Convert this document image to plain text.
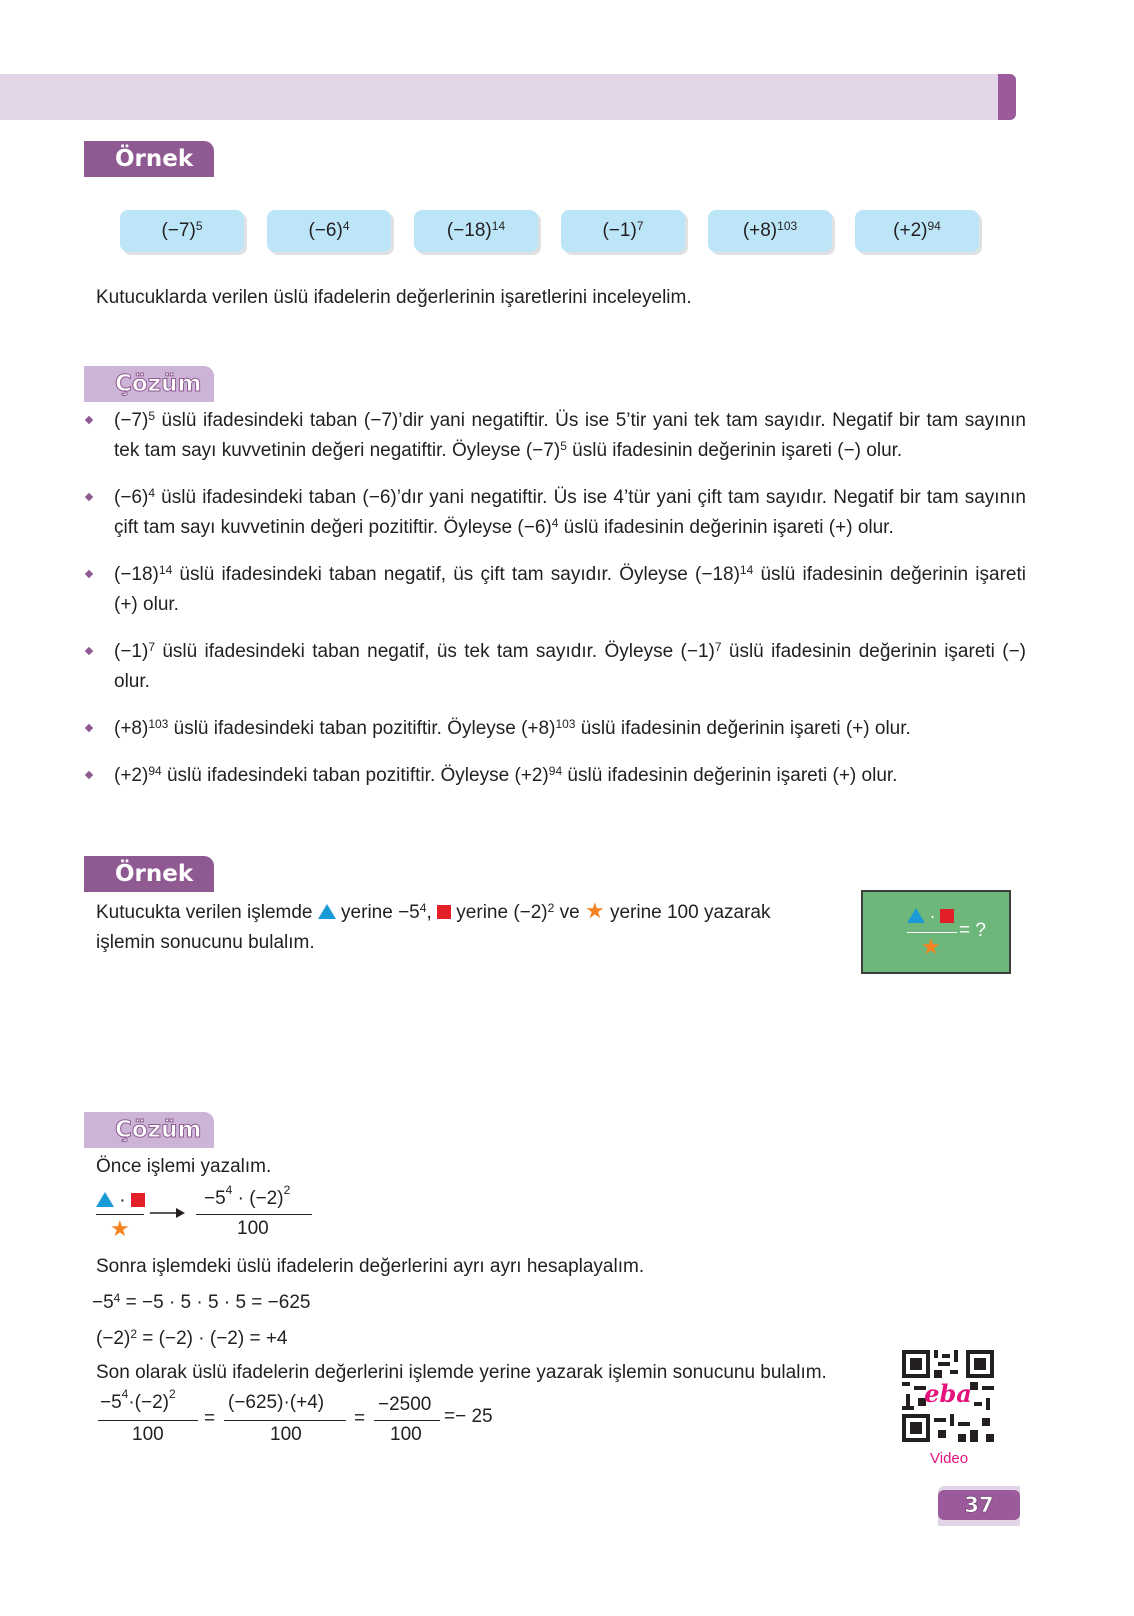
Örnek
$(-7)^5$	$(-6)^4$	$(-18)^{14}$	$(-1)^7$	$(+8)^{103}$	$(+2)^{94}$
Kutucuklarda verilen üslü ifadelerin değerlerinin işaretlerini inceleyelim.
Çözüm
$(-7)^5$ üslü ifadesindeki taban (−7)’dir yani negatiftir. Üs ise 5’tir yani tek tam sayıdır. Negatif bir tam sayının tek tam sayı kuvvetinin değeri negatiftir. Öyleyse $(-7)^5$ üslü ifadesinin değerinin işareti (−) olur.
$(-6)^4$ üslü ifadesindeki taban (−6)’dır yani negatiftir. Üs ise 4’tür yani çift tam sayıdır. Negatif bir tam sayının çift tam sayı kuvvetinin değeri pozitiftir. Öyleyse $(-6)^4$ üslü ifadesinin değerinin işareti (+) olur.
$(-18)^{14}$ üslü ifadesindeki taban negatif, üs çift tam sayıdır. Öyleyse $(-18)^{14}$ üslü ifadesinin değerinin işareti (+) olur.
$(-1)^7$ üslü ifadesindeki taban negatif, üs tek tam sayıdır. Öyleyse $(-1)^7$ üslü ifadesinin değerinin işareti (−) olur.
$(+8)^{103}$ üslü ifadesindeki taban pozitiftir. Öyleyse $(+8)^{103}$ üslü ifadesinin değerinin işareti (+) olur.
$(+2)^{94}$ üslü ifadesindeki taban pozitiftir. Öyleyse $(+2)^{94}$ üslü ifadesinin değerinin işareti (+) olur.
Örnek
Kutucukta verilen işlemde  yerine $-5^4$,  yerine $(-2)^2$ ve ★ yerine 100 yazarak
işlemin sonucunu bulalım.
·
= ?
★
Çözüm
Önce işlemi yazalım.
·
★
$-5^4 \cdot (-2)^2$
100
Sonra işlemdeki üslü ifadelerin değerlerini ayrı ayrı hesaplayalım.
$-5^4 = -5 \cdot 5 \cdot 5 \cdot 5 = -625$
$(-2)^2 = (-2) \cdot (-2) = +4$
Son olarak üslü ifadelerin değerlerini işlemde yerine yazarak işlemin sonucunu bulalım.
$-5^4\cdot(-2)^2$
100
=
(−625)·(+4)
100
=
−2500
100
=− 25
eba
Video
37
